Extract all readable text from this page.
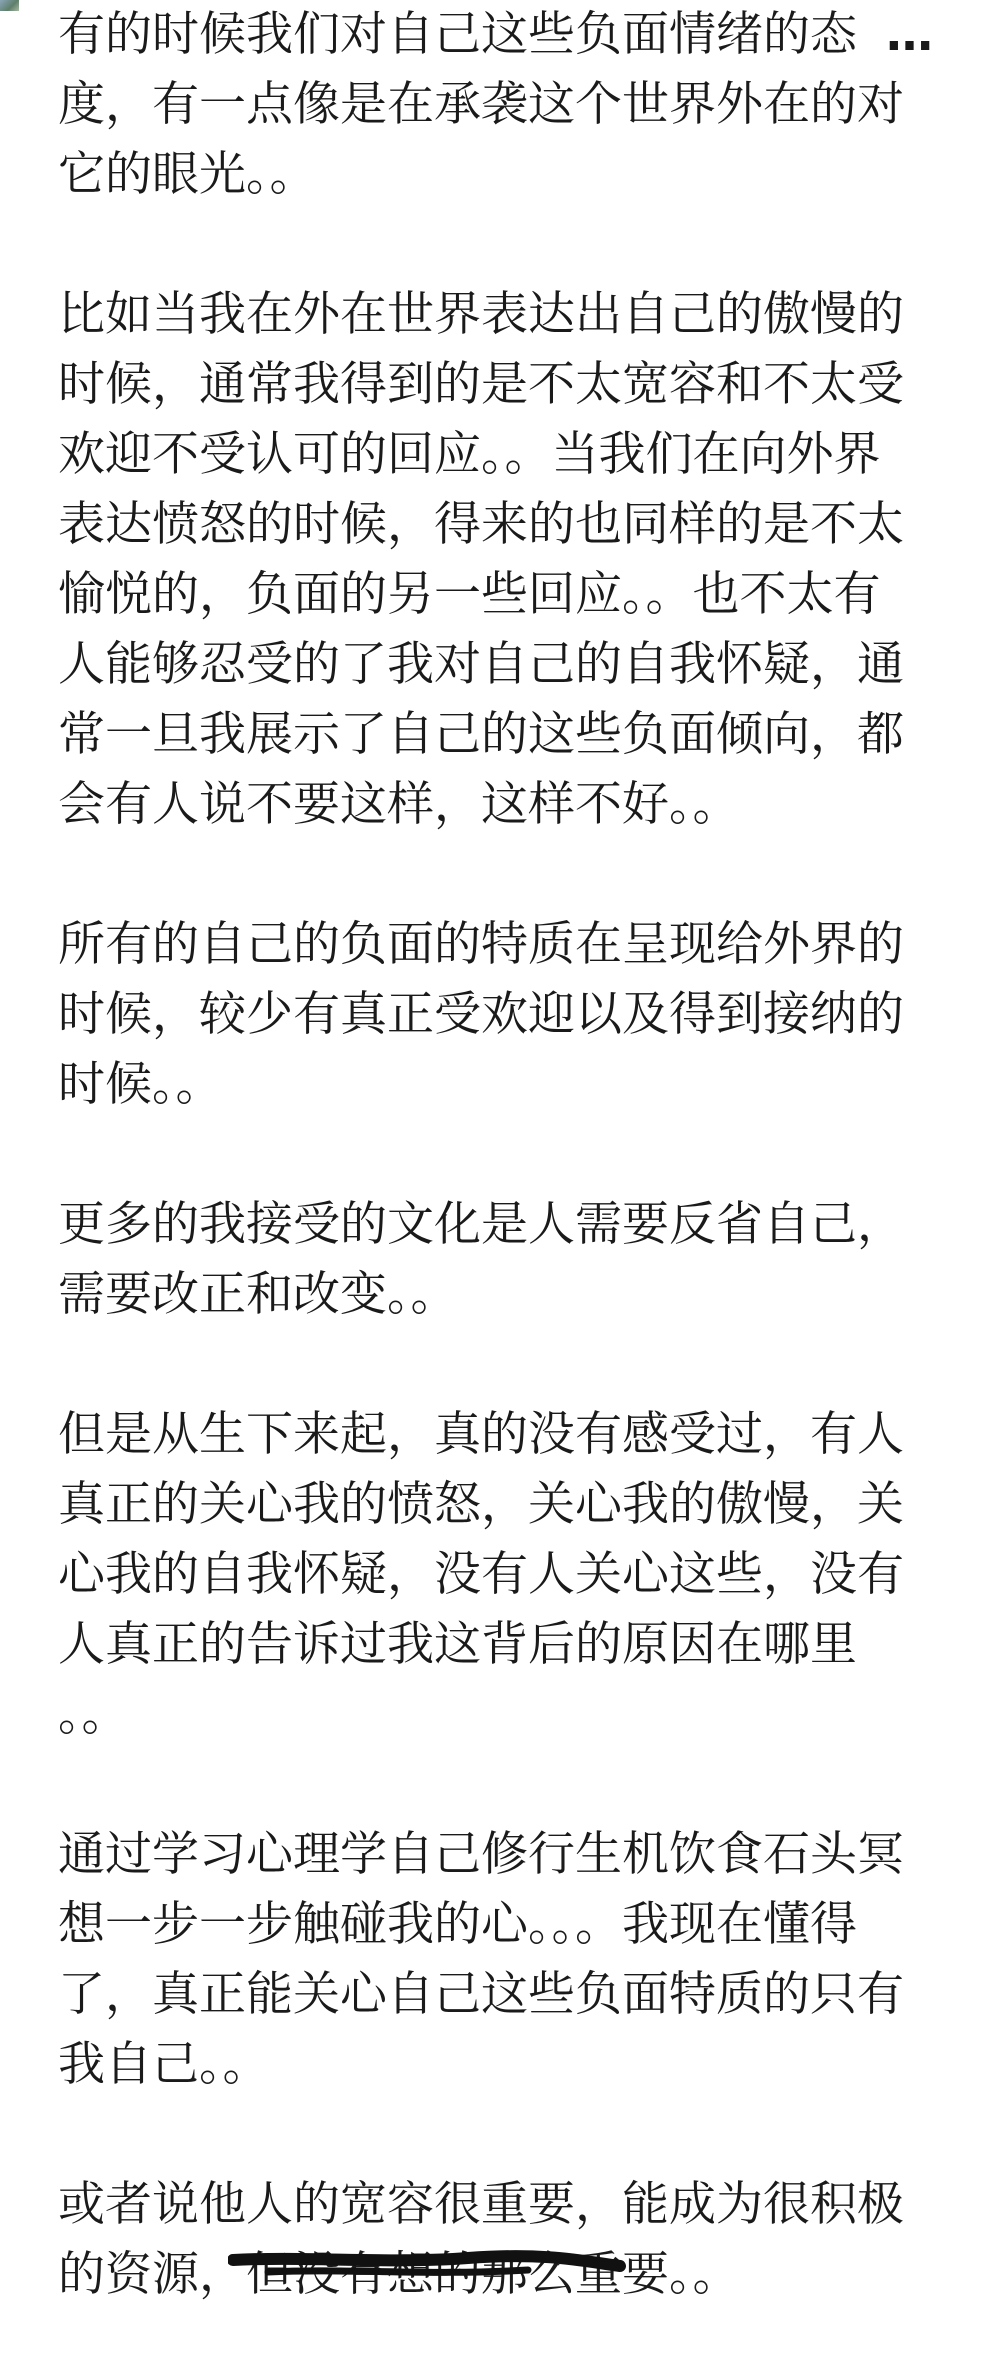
有的时候我们对自己这些负面情绪的态 …
度，有一点像是在承袭这个世界外在的对
它的眼光。。
比如当我在外在世界表达出自己的傲慢的
时候，通常我得到的是不太宽容和不太受
欢迎不受认可的回应。。当我们在向外界
表达愤怒的时候，得来的也同样的是不太
愉悦的，负面的另一些回应。。也不太有
人能够忍受的了我对自己的自我怀疑，通
常一旦我展示了自己的这些负面倾向，都
会有人说不要这样，这样不好。。
所有的自己的负面的特质在呈现给外界的
时候，较少有真正受欢迎以及得到接纳的
时候。。
更多的我接受的文化是人需要反省自己，
需要改正和改变。。
但是从生下来起，真的没有感受过，有人
真正的关心我的愤怒，关心我的傲慢，关
心我的自我怀疑，没有人关心这些，没有
人真正的告诉过我这背后的原因在哪里
。。
通过学习心理学自己修行生机饮食石头冥
想一步一步触碰我的心。。。我现在懂得
了，真正能关心自己这些负面特质的只有
我自己。。
或者说他人的宽容很重要，能成为很积极
的资源，但没有想的那么重要。。
